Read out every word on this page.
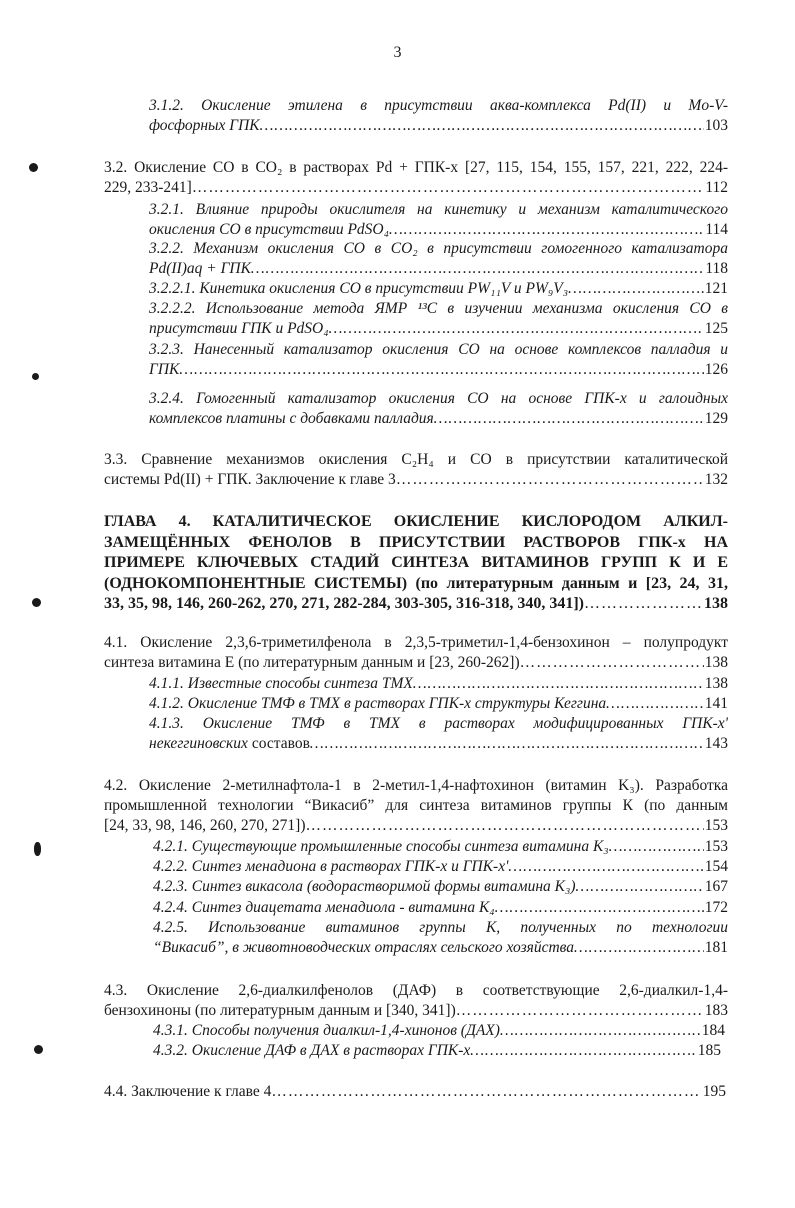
3
3.1.2. Окисление этилена в присутствии аква-комплекса Pd(II) и Mo-V-
фосфорных ГПК …………………………………………………………………………………………………………………………………………………………………………………………………………	103
3.2. Окисление CO в CO₂ в растворах Pd + ГПК-x [27, 115, 154, 155, 157, 221, 222, 224-
229, 233-241] …………………………………………………………………………………………………………………………………………………………………………………………………………	112
3.2.1. Влияние природы окислителя на кинетику и механизм каталитического
окисления CO в присутствии PdSO₄ …………………………………………………………………………………………………………………………………………………………………………………………………………	114
3.2.2. Механизм окисления CO в CO₂ в присутствии гомогенного катализатора
Pd(II)aq + ГПК …………………………………………………………………………………………………………………………………………………………………………………………………………	118
3.2.2.1. Кинетика окисления CO в присутствии PW₁₁V и PW₉V₃ …………………………………………………………………………………………………………………………………………………………………………………………………………	121
3.2.2.2. Использование метода ЯМР ¹³C в изучении механизма окисления CO в
присутствии ГПК и PdSO₄ …………………………………………………………………………………………………………………………………………………………………………………………………………	125
3.2.3. Нанесенный катализатор окисления CO на основе комплексов палладия и
ГПК …………………………………………………………………………………………………………………………………………………………………………………………………………	126
3.2.4. Гомогенный катализатор окисления CO на основе ГПК-x и галоидных
комплексов платины с добавками палладия …………………………………………………………………………………………………………………………………………………………………………………………………………	129
3.3. Сравнение механизмов окисления C₂H₄ и CO в присутствии каталитической
системы Pd(II) + ГПК. Заключение к главе 3 …………………………………………………………………………………………………………………………………………………………………………………………………………	132
ГЛАВА 4. КАТАЛИТИЧЕСКОЕ ОКИСЛЕНИЕ КИСЛОРОДОМ АЛКИЛ-
ЗАМЕЩЁННЫХ ФЕНОЛОВ В ПРИСУТСТВИИ РАСТВОРОВ ГПК-x НА
ПРИМЕРЕ КЛЮЧЕВЫХ СТАДИЙ СИНТЕЗА ВИТАМИНОВ ГРУПП К И Е
(ОДНОКОМПОНЕНТНЫЕ СИСТЕМЫ) (по литературным данным и [23, 24, 31,
33, 35, 98, 146, 260-262, 270, 271, 282-284, 303-305, 316-318, 340, 341]) …………………………………………………………………………………………………………………………………………………………………………………………………………	138
4.1. Окисление 2,3,6-триметилфенола в 2,3,5-триметил-1,4-бензохинон – полупродукт
синтеза витамина Е (по литературным данным и [23, 260-262]) …………………………………………………………………………………………………………………………………………………………………………………………………………	138
4.1.1. Известные способы синтеза ТМХ …………………………………………………………………………………………………………………………………………………………………………………………………………	138
4.1.2. Окисление ТМФ в ТМХ в растворах ГПК-x структуры Кеггина …………………………………………………………………………………………………………………………………………………………………………………………………………	141
4.1.3. Окисление ТМФ в ТМХ в растворах модифицированных ГПК-x'
некеггиновских составов …………………………………………………………………………………………………………………………………………………………………………………………………………	143
4.2. Окисление 2-метилнафтола-1 в 2-метил-1,4-нафтохинон (витамин K₃). Разработка
промышленной технологии “Викасиб” для синтеза витаминов группы К (по данным
[24, 33, 98, 146, 260, 270, 271]) …………………………………………………………………………………………………………………………………………………………………………………………………………	153
4.2.1. Существующие промышленные способы синтеза витамина K₃ …………………………………………………………………………………………………………………………………………………………………………………………………………	153
4.2.2. Синтез менадиона в растворах ГПК-x и ГПК-x' …………………………………………………………………………………………………………………………………………………………………………………………………………	154
4.2.3. Синтез викасола (водорастворимой формы витамина K₃) …………………………………………………………………………………………………………………………………………………………………………………………………………	167
4.2.4. Синтез диацетата менадиола - витамина K₄ …………………………………………………………………………………………………………………………………………………………………………………………………………	172
4.2.5. Использование витаминов группы К, полученных по технологии
“Викасиб”, в животноводческих отраслях сельского хозяйства …………………………………………………………………………………………………………………………………………………………………………………………………………	181
4.3. Окисление 2,6-диалкилфенолов (ДАФ) в соответствующие 2,6-диалкил-1,4-
бензохиноны (по литературным данным и [340, 341]) …………………………………………………………………………………………………………………………………………………………………………………………………………	183
4.3.1. Способы получения диалкил-1,4-хинонов (ДАХ) …………………………………………………………………………………………………………………………………………………………………………………………………………	184
4.3.2. Окисление ДАФ в ДАХ в растворах ГПК-x …………………………………………………………………………………………………………………………………………………………………………………………………………	185
4.4. Заключение к главе 4 …………………………………………………………………………………………………………………………………………………………………………………………………………	195
